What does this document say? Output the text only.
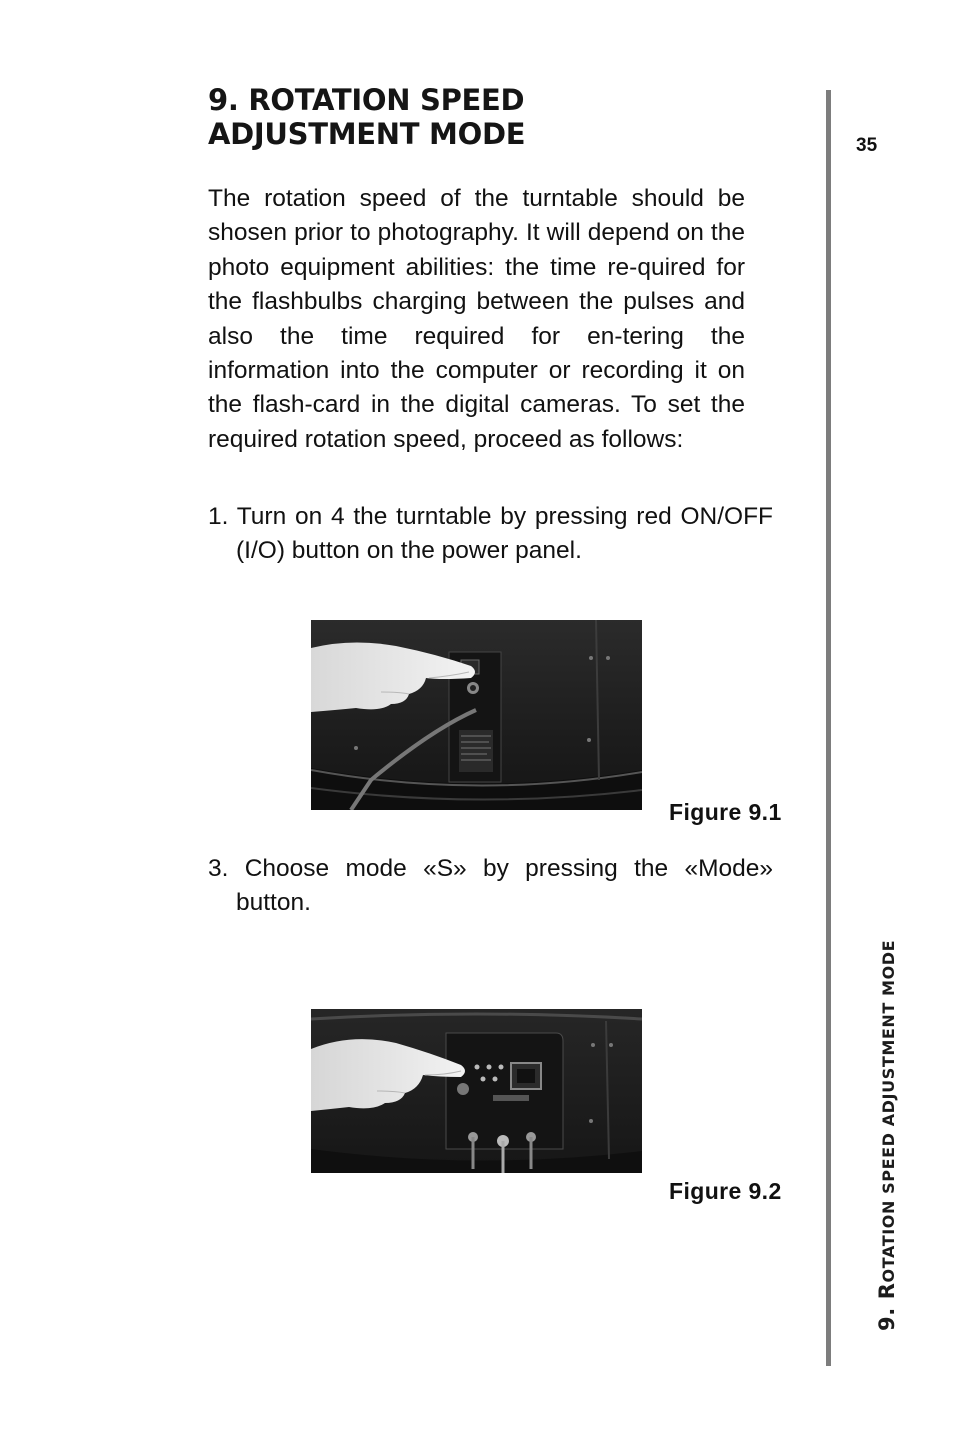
9. ROTATION SPEED
ADJUSTMENT MODE

The rotation speed of the turntable should be shosen prior to photography. It will depend on the photo equipment abilities: the time re-quired for the flashbulbs charging between the pulses and also the time required for en-tering the information into the computer or recording it on the flash-card in the digital cameras. To set the required rotation speed, proceed as follows:

1. Turn on 4 the turntable by pressing red ON/OFF (I/O) button on the power panel.

Figure 9.1

3. Choose mode «S» by pressing the «Mode» button.

Figure 9.2
35
9. ROTATION SPEED ADJUSTMENT MODE
